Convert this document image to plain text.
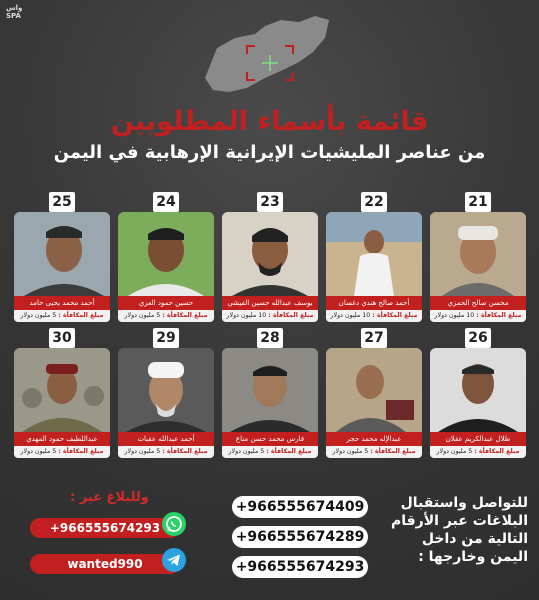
واس
SPA
قائمة بأسماء المطلوبين
من عناصر المليشيات الإيرانية الإرهابية في اليمن
21
محسن صالح الحمزي
مبلغ المكافأة : 10 مليون دولار
22
أحمد صالح هندي دغسان
مبلغ المكافأة : 10 مليون دولار
23
يوسف عبدالله حسين الفيشي
مبلغ المكافأة : 10 مليون دولار
24
حسين حمود العزي
مبلغ المكافأة : 5 مليون دولار
25
أحمد محمد يحيى حامد
مبلغ المكافأة : 5 مليون دولار
26
طلال عبدالكريم عقلان
مبلغ المكافأة : 5 مليون دولار
27
عبدالإله محمد حجر
مبلغ المكافأة : 5 مليون دولار
28
فارس محمد حسن مناع
مبلغ المكافأة : 5 مليون دولار
29
أحمد عبدالله عقبات
مبلغ المكافأة : 5 مليون دولار
30
عبداللطيف حمود المهدي
مبلغ المكافأة : 5 مليون دولار
وللبلاغ عبر :
+966555674293
wanted990
+966555674409
+966555674289
+966555674293
للتواصل واستقبال
البلاغات عبر الأرقام
التالية من داخل
اليمن وخارجها :
